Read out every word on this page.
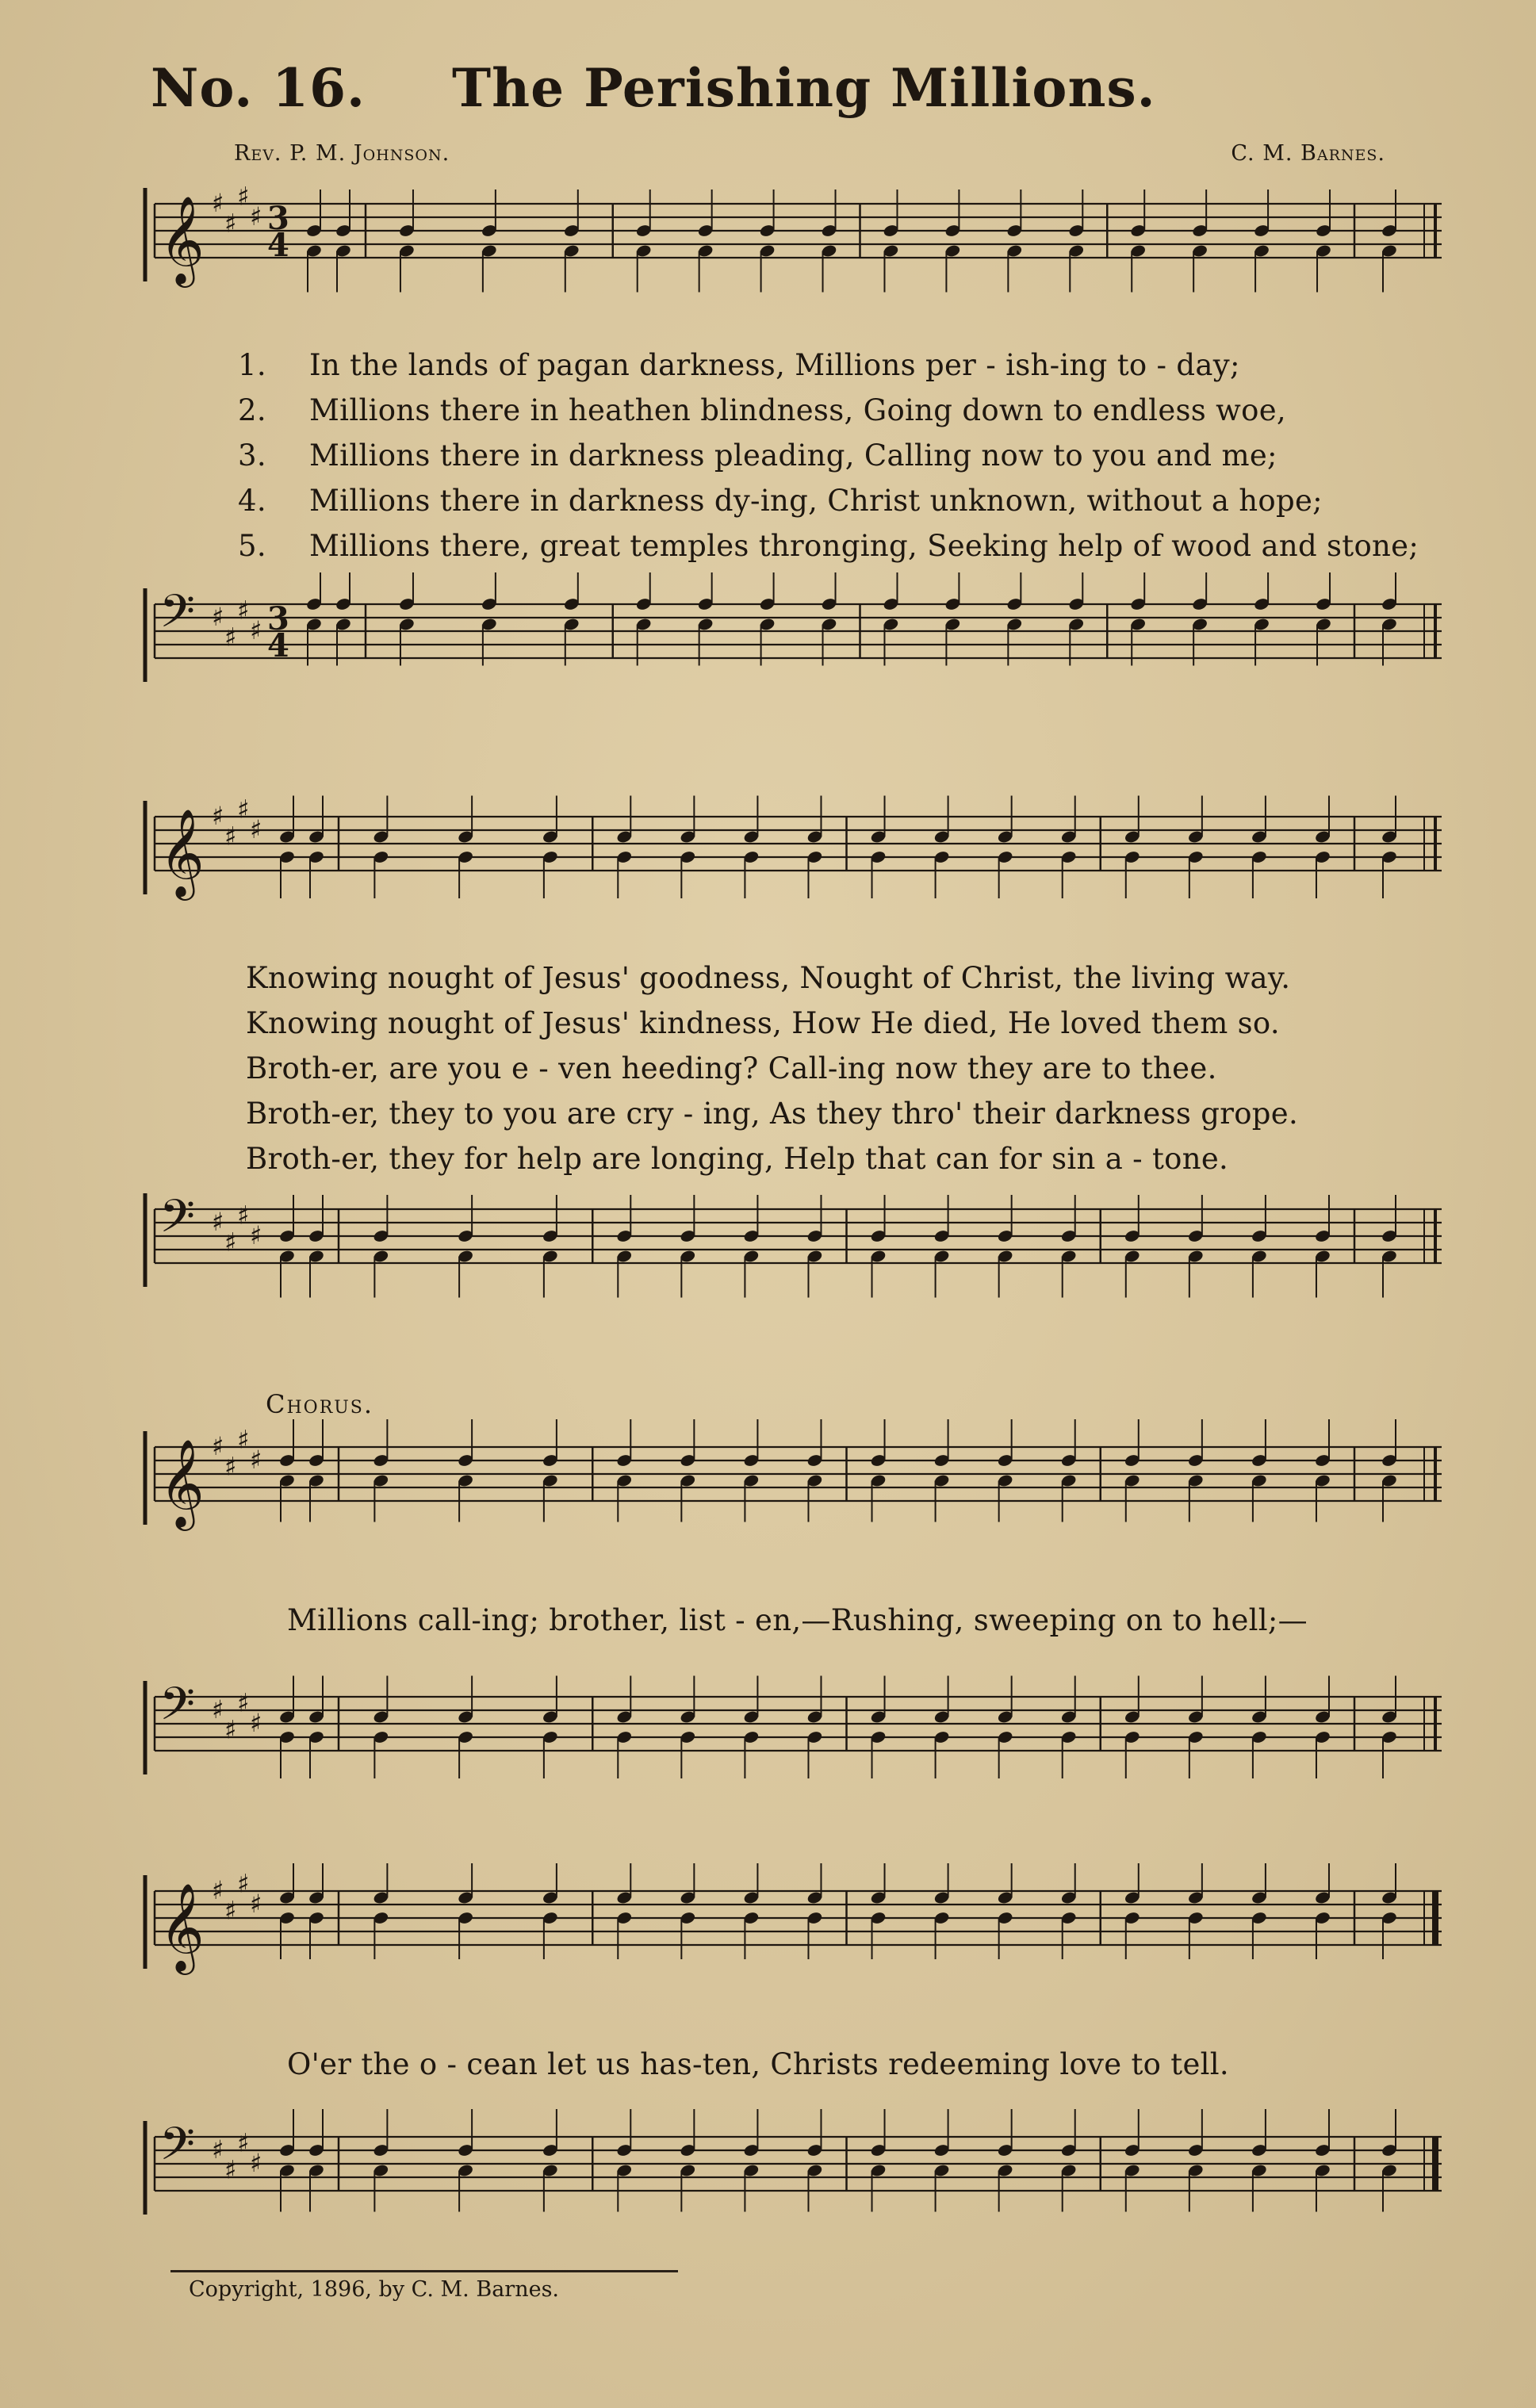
No. 16. The Perishing Millions.
Rev. P. M. Johnson.	C. M. Barnes.
𝄞 ♯
♯
♯
♯ 3
4
1.	In the lands of pagan darkness, Millions per - ish-ing to - day;
2.	Millions there in heathen blindness, Going down to endless woe,
3.	Millions there in darkness pleading, Calling now to you and me;
4.	Millions there in darkness dy-ing, Christ unknown, without a hope;
5.	Millions there, great temples thronging, Seeking help of wood and stone;
𝄢 ♯
♯
♯
♯ 3
4
𝄞 ♯
♯
♯
♯
Knowing nought of Jesus' goodness, Nought of Christ, the living way.
Knowing nought of Jesus' kindness, How He died, He loved them so.
Broth-er, are you e - ven heeding? Call-ing now they are to thee.
Broth-er, they to you are cry - ing, As they thro' their darkness grope.
Broth-er, they for help are longing, Help that can for sin a - tone.
𝄢 ♯
♯
♯
♯
Chorus.
𝄞 ♯
♯
♯
♯
Millions call-ing; brother, list - en,—Rushing, sweeping on to hell;—
𝄢 ♯
♯
♯
♯
𝄞 ♯
♯
♯
♯
O'er the o - cean let us has-ten, Christs redeeming love to tell.
𝄢 ♯
♯
♯
♯
Copyright, 1896, by C. M. Barnes.
